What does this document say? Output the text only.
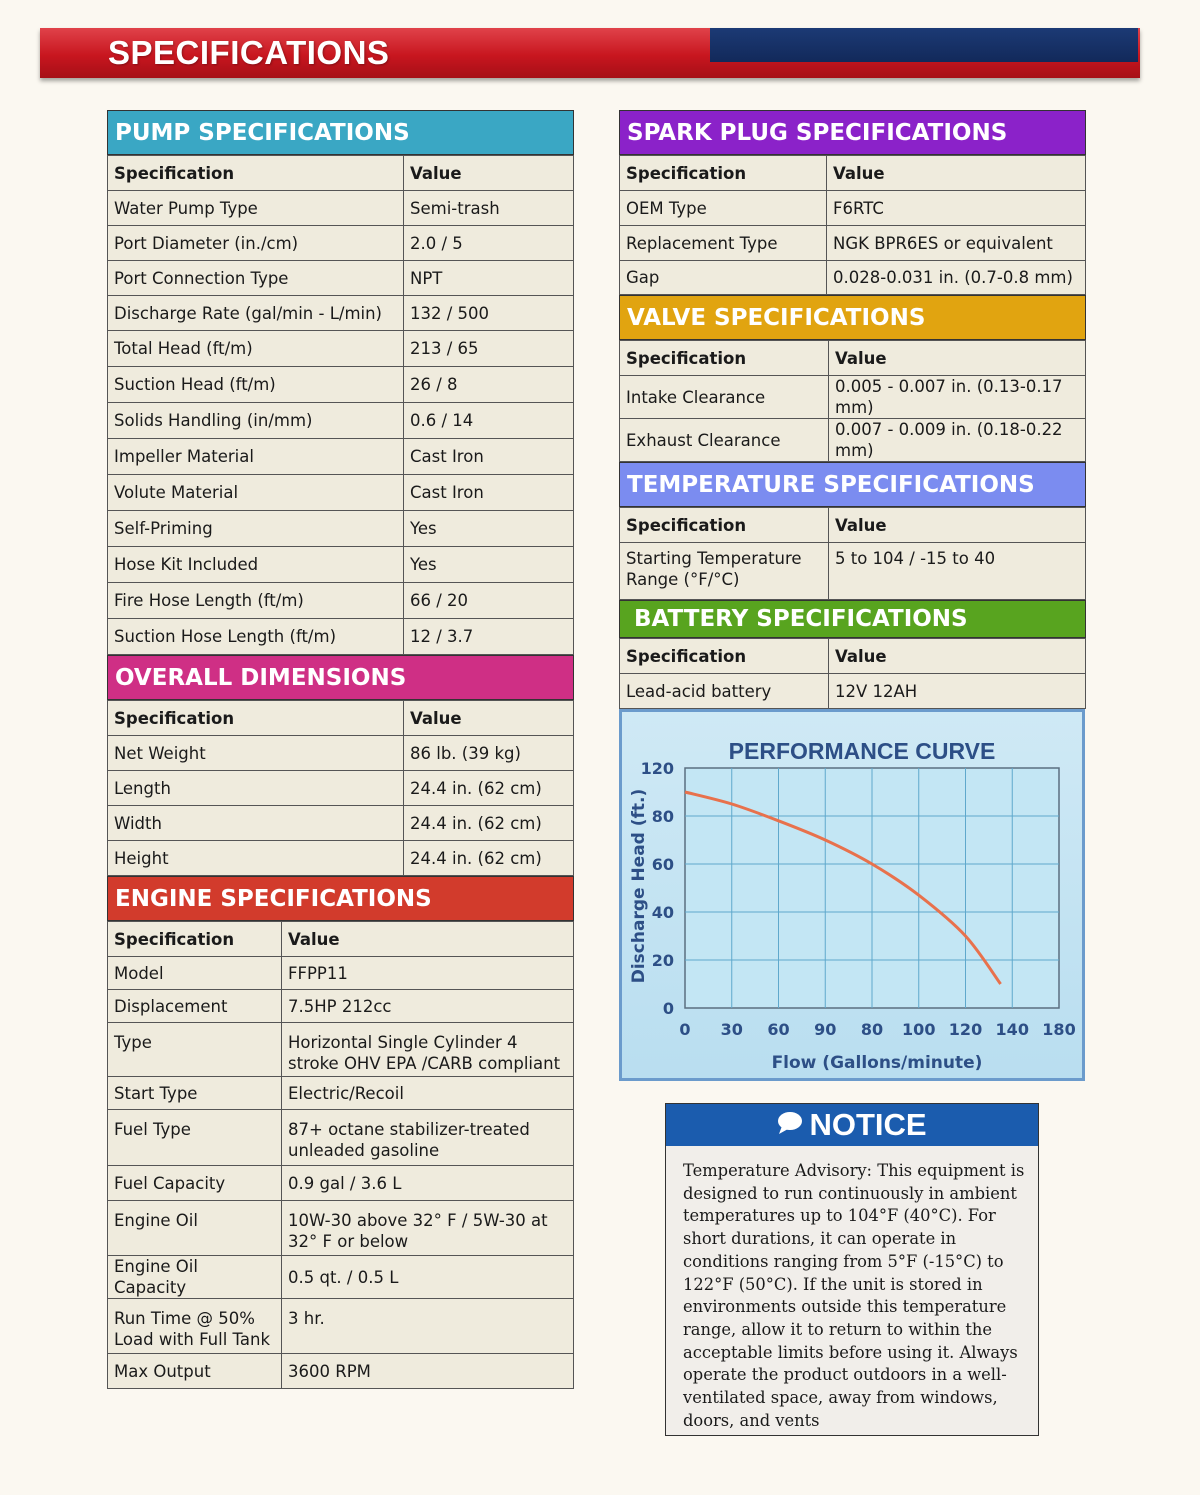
SPECIFICATIONS
PUMP SPECIFICATIONS
Specification	Value
Water Pump Type	Semi-trash
Port Diameter (in./cm)	2.0 / 5
Port Connection Type	NPT
Discharge Rate (gal/min - L/min)	132 / 500
Total Head (ft/m)	213 / 65
Suction Head (ft/m)	26 / 8
Solids Handling (in/mm)	0.6 / 14
Impeller Material	Cast Iron
Volute Material	Cast Iron
Self-Priming	Yes
Hose Kit Included	Yes
Fire Hose Length (ft/m)	66 / 20
Suction Hose Length (ft/m)	12 / 3.7
OVERALL DIMENSIONS
Specification	Value
Net Weight	86 lb. (39 kg)
Length	24.4 in. (62 cm)
Width	24.4 in. (62 cm)
Height	24.4 in. (62 cm)
ENGINE SPECIFICATIONS
Specification	Value
Model	FFPP11
Displacement	7.5HP 212cc
Type	Horizontal Single Cylinder 4 stroke OHV EPA /CARB compliant
Start Type	Electric/Recoil
Fuel Type	87+ octane stabilizer-treated unleaded gasoline
Fuel Capacity	0.9 gal / 3.6 L
Engine Oil	10W-30 above 32° F / 5W-30 at 32° F or below
Engine Oil Capacity	0.5 qt. / 0.5 L
Run Time @ 50% Load with Full Tank	3 hr.
Max Output	3600 RPM
SPARK PLUG SPECIFICATIONS
Specification	Value
OEM Type	F6RTC
Replacement Type	NGK BPR6ES or equivalent
Gap	0.028-0.031 in. (0.7-0.8 mm)
VALVE SPECIFICATIONS
Specification	Value
Intake Clearance	0.005 - 0.007 in. (0.13-0.17 mm)
Exhaust Clearance	0.007 - 0.009 in. (0.18-0.22 mm)
TEMPERATURE SPECIFICATIONS
Specification	Value
Starting Temperature Range (°F/°C)	5 to 104 / -15 to 40
BATTERY SPECIFICATIONS
Specification	Value
Lead-acid battery	12V 12AH
PERFORMANCE CURVE
0 30 60 90 80 100 120 140 180
0
20
40
60
80
120
Flow (Gallons/minute)
Discharge Head (ft.)
NOTICE
Temperature Advisory: This equipment is designed to run continuously in ambient temperatures up to 104°F (40°C). For short durations, it can operate in conditions ranging from 5°F (-15°C) to 122°F (50°C). If the unit is stored in environments outside this temperature range, allow it to return to within the acceptable limits before using it. Always operate the product outdoors in a well-ventilated space, away from windows, doors, and vents
